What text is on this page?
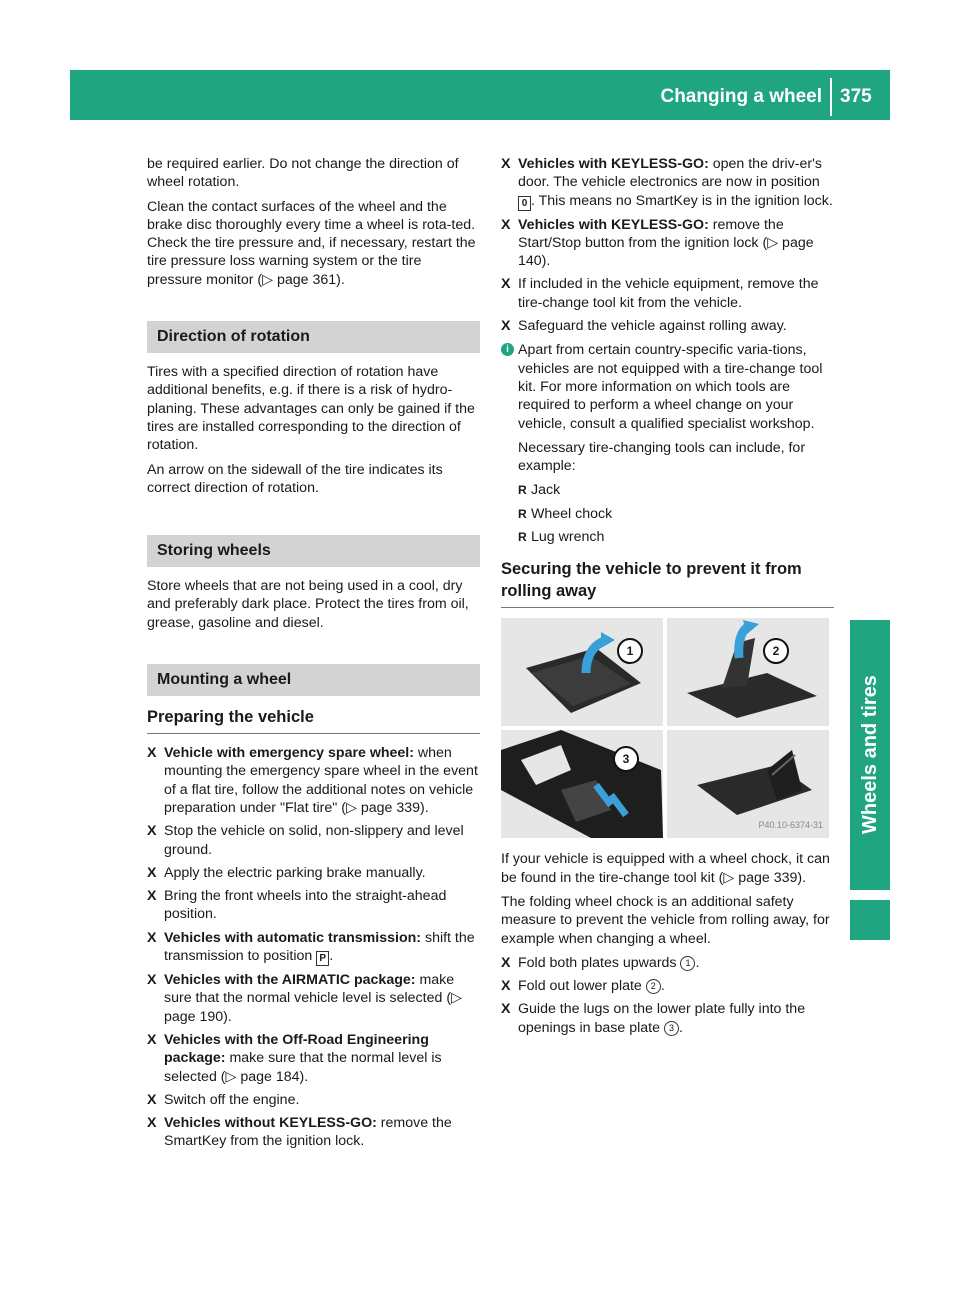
Changing a wheel 375
Wheels and tires

be required earlier. Do not change the direction of wheel rotation.

Clean the contact surfaces of the wheel and the brake disc thoroughly every time a wheel is rota-ted. Check the tire pressure and, if necessary, restart the tire pressure loss warning system or the tire pressure monitor (▷ page 361).

Direction of rotation

Tires with a specified direction of rotation have additional benefits, e.g. if there is a risk of hydro-planing. These advantages can only be gained if the tires are installed corresponding to the direction of rotation.

An arrow on the sidewall of the tire indicates its correct direction of rotation.

Storing wheels

Store wheels that are not being used in a cool, dry and preferably dark place. Protect the tires from oil, grease, gasoline and diesel.

Mounting a wheel
Preparing the vehicle
X Vehicle with emergency spare wheel: when mounting the emergency spare wheel in the event of a flat tire, follow the additional notes on vehicle preparation under "Flat tire" (▷ page 339).
X Stop the vehicle on solid, non-slippery and level ground.
X Apply the electric parking brake manually.
X Bring the front wheels into the straight-ahead position.
X Vehicles with automatic transmission: shift the transmission to position P .
X Vehicles with the AIRMATIC package: make sure that the normal vehicle level is selected (▷ page 190).
X Vehicles with the Off-Road Engineering package: make sure that the normal level is selected (▷ page 184).
X Switch off the engine.
X Vehicles without KEYLESS-GO: remove the SmartKey from the ignition lock.
X Vehicles with KEYLESS-GO: open the driv-er's door. The vehicle electronics are now in position 0 . This means no SmartKey is in the ignition lock.
X Vehicles with KEYLESS-GO: remove the Start/Stop button from the ignition lock (▷ page 140).
X If included in the vehicle equipment, remove the tire-change tool kit from the vehicle.
X Safeguard the vehicle against rolling away.
i Apart from certain country-specific varia-tions, vehicles are not equipped with a tire-change tool kit. For more information on which tools are required to perform a wheel change on your vehicle, consult a qualified specialist workshop.

Necessary tire-changing tools can include, for example:

R Jack
R Wheel chock
R Lug wrench
Securing the vehicle to prevent it from rolling away
1	2
3
P40.10-6374-31

If your vehicle is equipped with a wheel chock, it can be found in the tire-change tool kit (▷ page 339).

The folding wheel chock is an additional safety measure to prevent the vehicle from rolling away, for example when changing a wheel.

X Fold both plates upwards 1 .
X Fold out lower plate 2 .
X Guide the lugs on the lower plate fully into the openings in base plate 3 .
